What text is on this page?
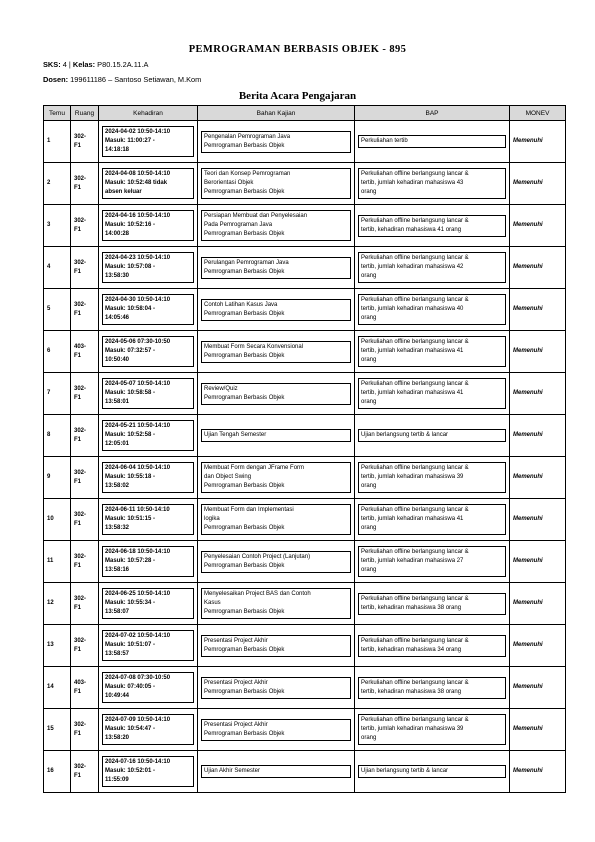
PEMROGRAMAN BERBASIS OBJEK - 895
SKS: 4 | Kelas: P80.15.2A.11.A
Dosen: 199611186 – Santoso Setiawan, M.Kom
Berita Acara Pengajaran
Temu	Ruang	Kehadiran	Bahan Kajian	BAP	MONEV
1	302-
F1	2024-04-02 10:50-14:10
Masuk: 11:00:27 -
14:18:18	Pengenalan Pemrograman Java
Pemrograman Berbasis Objek	Perkuliahan tertib	Memenuhi
2	302-
F1	2024-04-08 10:50-14:10
Masuk: 10:52:48 tidak
absen keluar	Teori dan Konsep Pemrograman
Berorientasi Objek
Pemrograman Berbasis Objek	Perkuliahan offline berlangsung lancar &
tertib, jumlah kehadiran mahasiswa 43
orang	Memenuhi
3	302-
F1	2024-04-16 10:50-14:10
Masuk: 10:52:16 -
14:00:28	Persiapan Membuat dan Penyelesaian
Pada Pemrograman Java
Pemrograman Berbasis Objek	Perkuliahan offline berlangsung lancar &
tertib, kehadiran mahasiswa 41 orang	Memenuhi
4	302-
F1	2024-04-23 10:50-14:10
Masuk: 10:57:08 -
13:58:30	Perulangan Pemrograman Java
Pemrograman Berbasis Objek	Perkuliahan offline berlangsung lancar &
tertib, jumlah kehadiran mahasiswa 42
orang	Memenuhi
5	302-
F1	2024-04-30 10:50-14:10
Masuk: 10:58:04 -
14:05:46	Contoh Latihan Kasus Java
Pemrograman Berbasis Objek	Perkuliahan offline berlangsung lancar &
tertib, jumlah kehadiran mahasiswa 40
orang	Memenuhi
6	403-
F1	2024-05-06 07:30-10:50
Masuk: 07:32:57 -
10:50:40	Membuat Form Secara Konvensional
Pemrograman Berbasis Objek	Perkuliahan offline berlangsung lancar &
tertib, jumlah kehadiran mahasiswa 41
orang	Memenuhi
7	302-
F1	2024-05-07 10:50-14:10
Masuk: 10:58:58 -
13:58:01	Review/Quiz
Pemrograman Berbasis Objek	Perkuliahan offline berlangsung lancar &
tertib, jumlah kehadiran mahasiswa 41
orang	Memenuhi
8	302-
F1	2024-05-21 10:50-14:10
Masuk: 10:52:58 -
12:05:01	Ujian Tengah Semester	Ujian berlangsung tertib & lancar	Memenuhi
9	302-
F1	2024-06-04 10:50-14:10
Masuk: 10:55:18 -
13:58:02	Membuat Form dengan JFrame Form
dan Object Swing
Pemrograman Berbasis Objek	Perkuliahan offline berlangsung lancar &
tertib, jumlah kehadiran mahasiswa 39
orang	Memenuhi
10	302-
F1	2024-06-11 10:50-14:10
Masuk: 10:51:15 -
13:58:32	Membuat Form dan Implementasi
logika
Pemrograman Berbasis Objek	Perkuliahan offline berlangsung lancar &
tertib, jumlah kehadiran mahasiswa 41
orang	Memenuhi
11	302-
F1	2024-06-18 10:50-14:10
Masuk: 10:57:28 -
13:58:16	Penyelesaian Contoh Project (Lanjutan)
Pemrograman Berbasis Objek	Perkuliahan offline berlangsung lancar &
tertib, jumlah kehadiran mahasiswa 27
orang	Memenuhi
12	302-
F1	2024-06-25 10:50-14:10
Masuk: 10:55:34 -
13:58:07	Menyelesaikan Project BAS dan Contoh
Kasus
Pemrograman Berbasis Objek	Perkuliahan offline berlangsung lancar &
tertib, kehadiran mahasiswa 38 orang	Memenuhi
13	302-
F1	2024-07-02 10:50-14:10
Masuk: 10:51:07 -
13:58:57	Presentasi Project Akhir
Pemrograman Berbasis Objek	Perkuliahan offline berlangsung lancar &
tertib, kehadiran mahasiswa 34 orang	Memenuhi
14	403-
F1	2024-07-08 07:30-10:50
Masuk: 07:40:05 -
10:49:44	Presentasi Project Akhir
Pemrograman Berbasis Objek	Perkuliahan offline berlangsung lancar &
tertib, kehadiran mahasiswa 38 orang	Memenuhi
15	302-
F1	2024-07-09 10:50-14:10
Masuk: 10:54:47 -
13:58:20	Presentasi Project Akhir
Pemrograman Berbasis Objek	Perkuliahan offline berlangsung lancar &
tertib, jumlah kehadiran mahasiswa 39
orang	Memenuhi
16	302-
F1	2024-07-16 10:50-14:10
Masuk: 10:52:01 -
11:55:09	Ujian Akhir Semester	Ujian berlangsung tertib & lancar	Memenuhi
